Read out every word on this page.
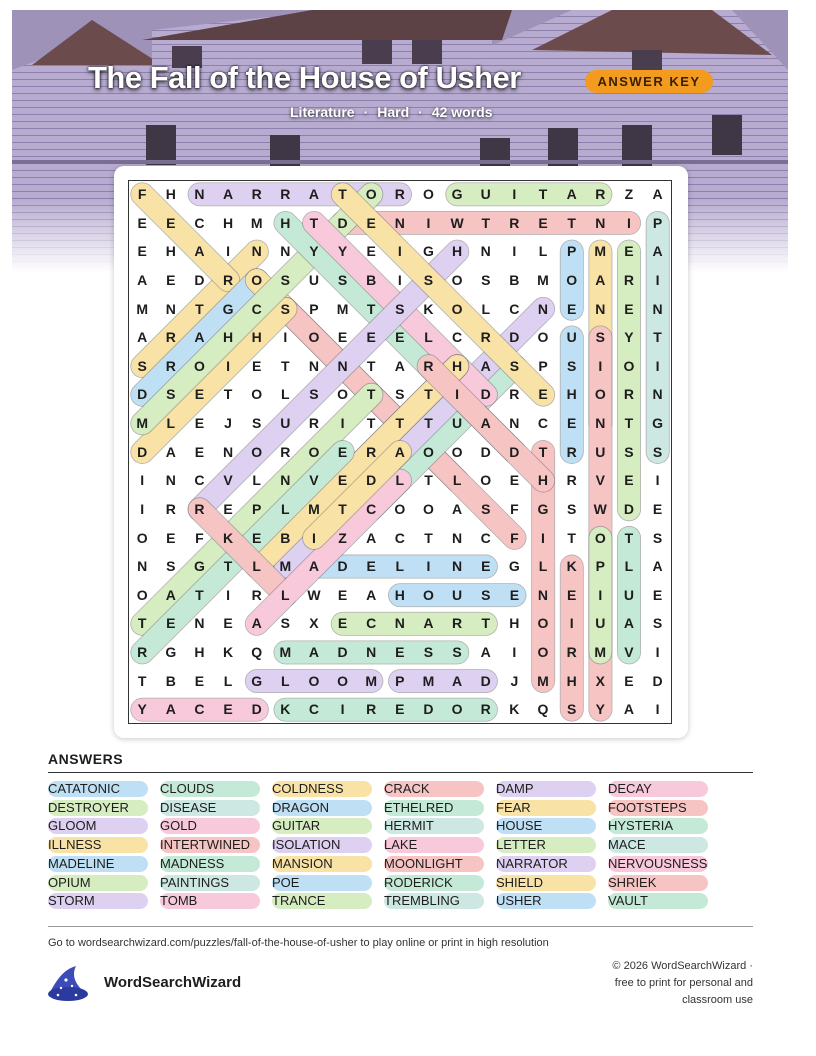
The Fall of the House of Usher	ANSWER KEY
Literature · Hard · 42 words
F	H	N	A	R	R	A	T	O	R	O	G	U	I	T	A	R	Z	A
E	E	C	H	M	H	T	D	E	N	I	W	T	R	E	T	N	I	P
E	H	A	I	N	N	Y	Y	E	I	G	H	N	I	L	P	M	E	A
A	E	D	R	O	S	U	S	B	I	S	O	S	B	M	O	A	R	I
M	N	T	G	C	S	P	M	T	S	K	O	L	C	N	E	N	E	N
A	R	A	H	H	I	O	E	E	E	L	C	R	D	O	U	S	Y	T
S	R	O	I	E	T	N	N	T	A	R	H	A	S	P	S	I	O	I
D	S	E	T	O	L	S	O	T	S	T	I	D	R	E	H	O	R	N
M	L	E	J	S	U	R	I	T	T	T	U	A	N	C	E	N	T	G
D	A	E	N	O	R	O	E	R	A	O	O	D	D	T	R	U	S	S
I	N	C	V	L	N	V	E	D	L	T	L	O	E	H	R	V	E	I
I	R	R	E	P	L	M	T	C	O	O	A	S	F	G	S	W	D	E
O	E	F	K	E	B	I	Z	A	C	T	N	C	F	I	T	O	T	S
N	S	G	T	L	M	A	D	E	L	I	N	E	G	L	K	P	L	A
O	A	T	I	R	L	W	E	A	H	O	U	S	E	N	E	I	U	E
T	E	N	E	A	S	X	E	C	N	A	R	T	H	O	I	U	A	S
R	G	H	K	Q	M	A	D	N	E	S	S	A	I	O	R	M	V	I
T	B	E	L	G	L	O	O	M	P	M	A	D	J	M	H	X	E	D
Y	A	C	E	D	K	C	I	R	E	D	O	R	K	Q	S	Y	A	I
ANSWERS
CATATONIC	CLOUDS	COLDNESS	CRACK	DAMP	DECAY
DESTROYER DISEASE	DRAGON	ETHELRED	FEAR	FOOTSTEPS
GLOOM	GOLD	GUITAR	HERMIT	HOUSE	HYSTERIA
ILLNESS	INTERTWINED ISOLATION	LAKE	LETTER	MACE
MADELINE	MADNESS	MANSION	MOONLIGHT	NARRATOR	NERVOUSNESS
OPIUM	PAINTINGS	POE	RODERICK	SHIELD	SHRIEK
STORM	TOMB	TRANCE	TREMBLING	USHER	VAULT
Go to wordsearchwizard.com/puzzles/fall-of-the-house-of-usher to play online or print in high resolution
WordSearchWizard
© 2026 WordSearchWizard ·
free to print for personal and
classroom use
